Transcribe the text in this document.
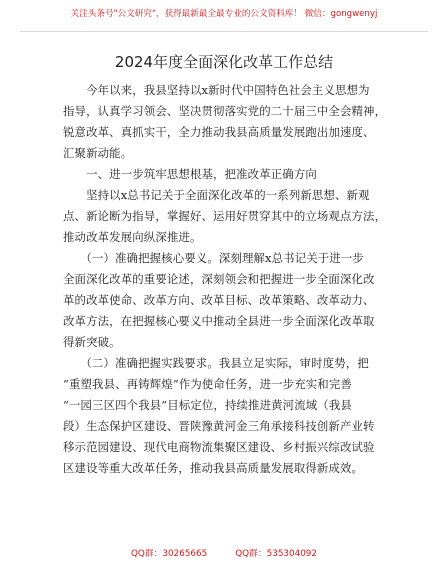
关注头条号"公文研究"，获得最新最全最专业的公文资料库！ 微信：gongwenyj
2024年度全面深化改革工作总结

　　今年以来，我县坚持以x新时代中国特色社会主义思想为
指导，认真学习领会、坚决贯彻落实党的二十届三中全会精神，
锐意改革、真抓实干，全力推动我县高质量发展跑出加速度、
汇聚新动能。

　　一、进一步筑牢思想根基，把准改革正确方向

　　坚持以x总书记关于全面深化改革的一系列新思想、新观
点、新论断为指导，掌握好、运用好贯穿其中的立场观点方法，
推动改革发展向纵深推进。

　　（一）准确把握核心要义。深刻理解x总书记关于进一步
全面深化改革的重要论述，深刻领会和把握进一步全面深化改
革的改革使命、改革方向、改革目标、改革策略、改革动力、
改革方法，在把握核心要义中推动全县进一步全面深化改革取
得新突破。

　　（二）准确把握实践要求。我县立足实际，审时度势，把
“重塑我县、再铸辉煌”作为使命任务，进一步充实和完善
“一园三区四个我县”目标定位，持续推进黄河流域（我县
段）生态保护区建设、晋陕豫黄河金三角承接科技创新产业转
移示范园建设、现代电商物流集聚区建设、乡村振兴综改试验
区建设等重大改革任务，推动我县高质量发展取得新成效。

QQ群：30265665	QQ群：535304092
